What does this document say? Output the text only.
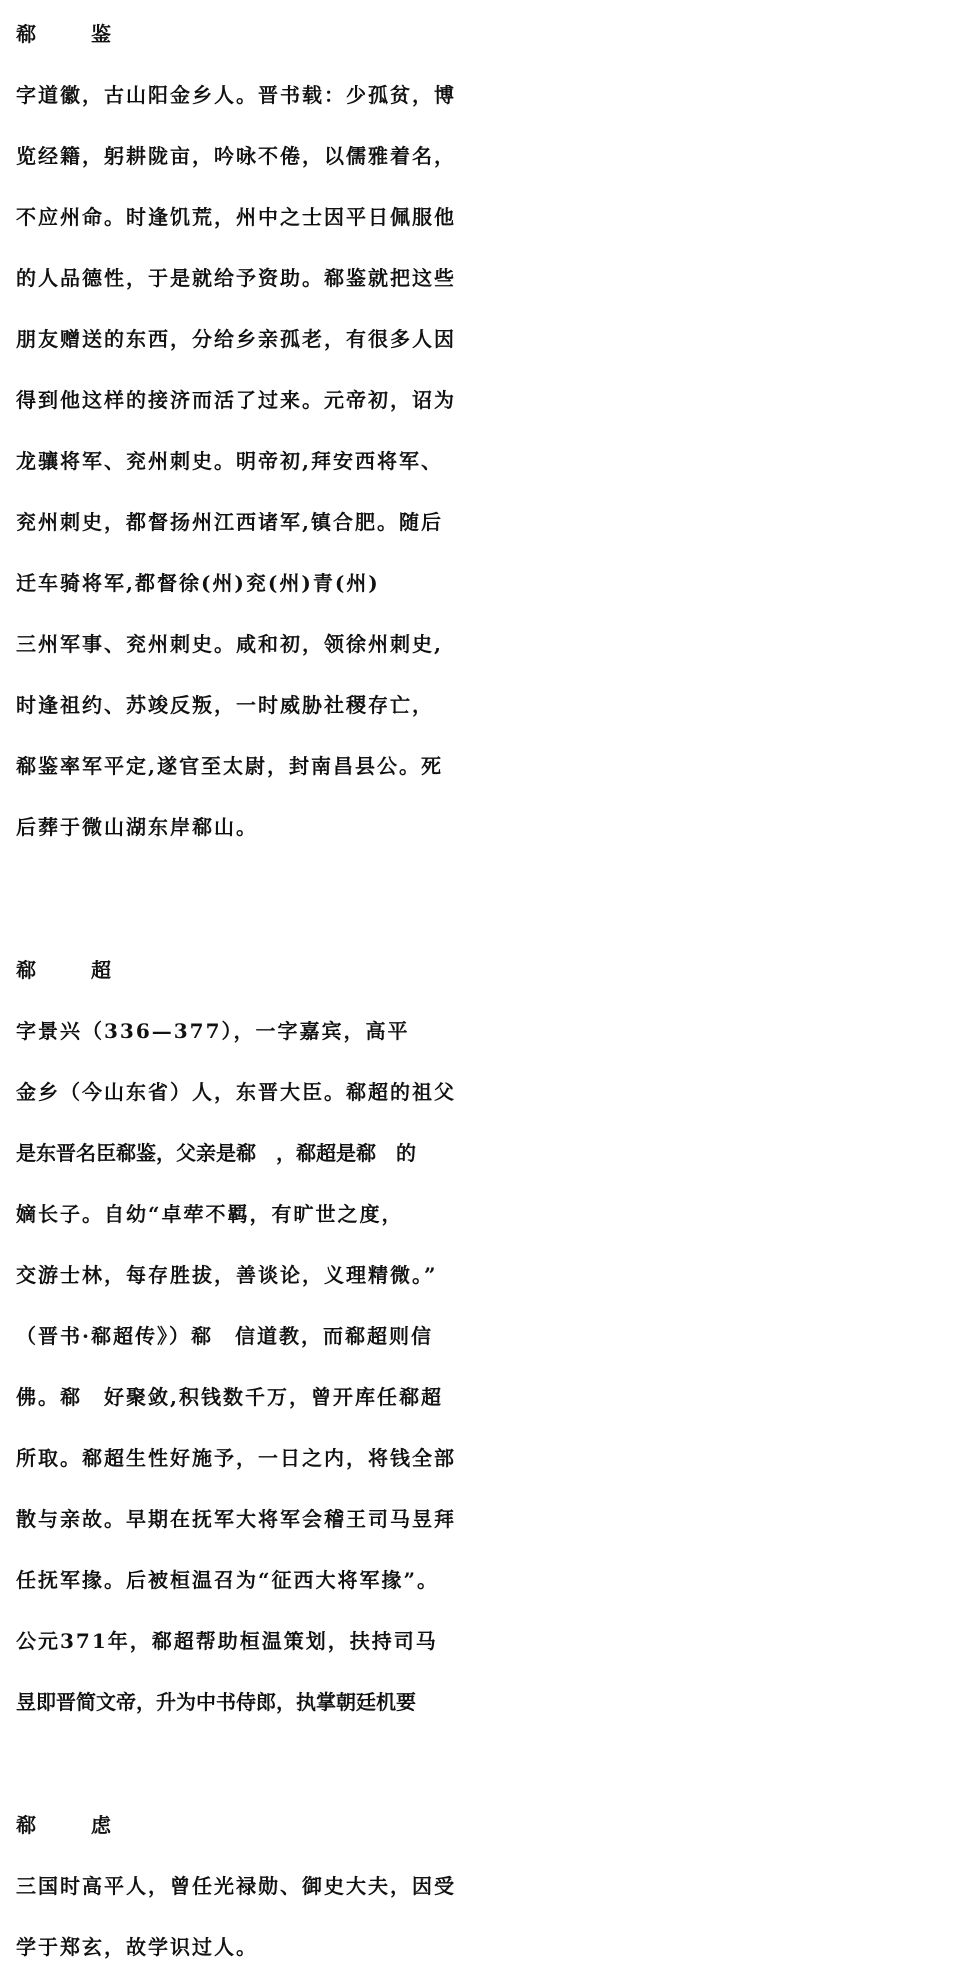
郗 鉴
字道徽，古山阳金乡人。晋书载：少孤贫，博
览经籍，躬耕陇亩，吟咏不倦，以儒雅着名，
不应州命。时逢饥荒，州中之士因平日佩服他
的人品德性，于是就给予资助。郗鉴就把这些
朋友赠送的东西，分给乡亲孤老，有很多人因
得到他这样的接济而活了过来。元帝初，诏为
龙骧将军、兖州刺史。明帝初,拜安西将军、
兖州刺史，都督扬州江西诸军,镇合肥。随后
迁车骑将军,都督徐(州)兖(州)青(州)
三州军事、兖州刺史。咸和初，领徐州刺史,
时逢祖约、苏竣反叛，一时威胁社稷存亡，
郗鉴率军平定,遂官至太尉，封南昌县公。死
后葬于微山湖东岸郗山。
郗 超
字景兴（336—377），一字嘉宾，高平
金乡（今山东省）人，东晋大臣。郗超的祖父
是东晋名臣郗鉴，父亲是郗　，郗超是郗　的
嫡长子。自幼“卓荦不羁，有旷世之度，
交游士林，每存胜拔，善谈论，义理精微。”
（晋书·郗超传》）郗　信道教，而郗超则信
佛。郗　好聚敛,积钱数千万，曾开库任郗超
所取。郗超生性好施予，一日之内，将钱全部
散与亲故。早期在抚军大将军会稽王司马昱拜
任抚军掾。后被桓温召为“征西大将军掾”。
公元371年，郗超帮助桓温策划，扶持司马
昱即晋简文帝，升为中书侍郎，执掌朝廷机要
郗 虑
三国时高平人，曾任光禄勋、御史大夫，因受
学于郑玄，故学识过人。
